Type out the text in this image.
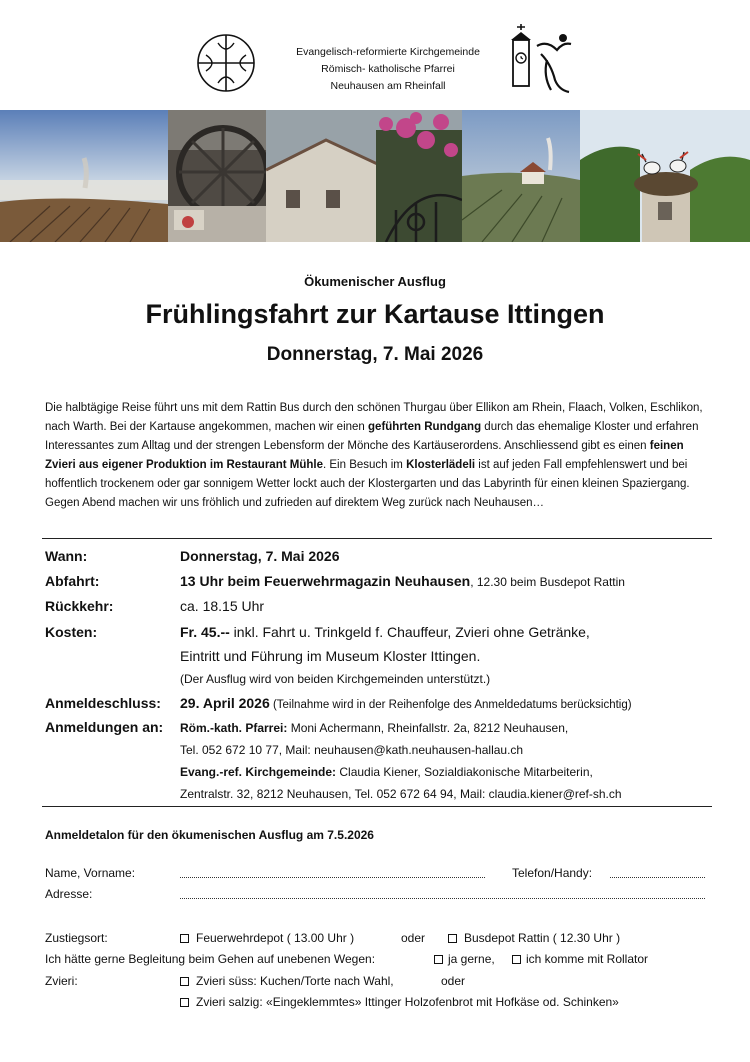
Evangelisch-reformierte Kirchgemeinde
Römisch- katholische Pfarrei
Neuhausen am Rheinfall
Ökumenischer Ausflug
Frühlingsfahrt zur Kartause Ittingen
Donnerstag, 7. Mai 2026
Die halbtägige Reise führt uns mit dem Rattin Bus durch den schönen Thurgau über Ellikon am Rhein, Flaach, Volken, Eschlikon, nach Warth. Bei der Kartause angekommen, machen wir einen geführten Rundgang durch das ehemalige Kloster und erfahren Interessantes zum Alltag und der strengen Lebensform der Mönche des Kartäuserordens. Anschliessend gibt es einen feinen Zvieri aus eigener Produktion im Restaurant Mühle. Ein Besuch im Klosterlädeli ist auf jeden Fall empfehlenswert und bei hoffentlich trockenem oder gar sonnigem Wetter lockt auch der Klostergarten und das Labyrinth für einen kleinen Spaziergang. Gegen Abend machen wir uns fröhlich und zufrieden auf direktem Weg zurück nach Neuhausen…
Wann:	Donnerstag, 7. Mai 2026
Abfahrt:	13 Uhr beim Feuerwehrmagazin Neuhausen, 12.30 beim Busdepot Rattin
Rückkehr:	ca. 18.15 Uhr
Kosten:	Fr. 45.-- inkl. Fahrt u. Trinkgeld f. Chauffeur, Zvieri ohne Getränke,
Eintritt und Führung im Museum Kloster Ittingen.
(Der Ausflug wird von beiden Kirchgemeinden unterstützt.)
Anmeldeschluss: 29. April 2026 (Teilnahme wird in der Reihenfolge des Anmeldedatums berücksichtig)
Anmeldungen an: Röm.-kath. Pfarrei: Moni Achermann, Rheinfallstr. 2a, 8212 Neuhausen,
Tel. 052 672 10 77, Mail: neuhausen@kath.neuhausen-hallau.ch
Evang.-ref. Kirchgemeinde: Claudia Kiener, Sozialdiakonische Mitarbeiterin,
Zentralstr. 32, 8212 Neuhausen, Tel. 052 672 64 94, Mail: claudia.kiener@ref-sh.ch
Anmeldetalon für den ökumenischen Ausflug am 7.5.2026
Name, Vorname:	Telefon/Handy:
Adresse:
Zustiegsort:	Feuerwehrdepot ( 13.00 Uhr )	oder	Busdepot Rattin ( 12.30 Uhr )
Ich hätte gerne Begleitung beim Gehen auf unebenen Wegen:	ja gerne,	ich komme mit Rollator
Zvieri:	Zvieri süss: Kuchen/Torte nach Wahl,	oder
Zvieri salzig: «Eingeklemmtes» Ittinger Holzofenbrot mit Hofkäse od. Schinken»
